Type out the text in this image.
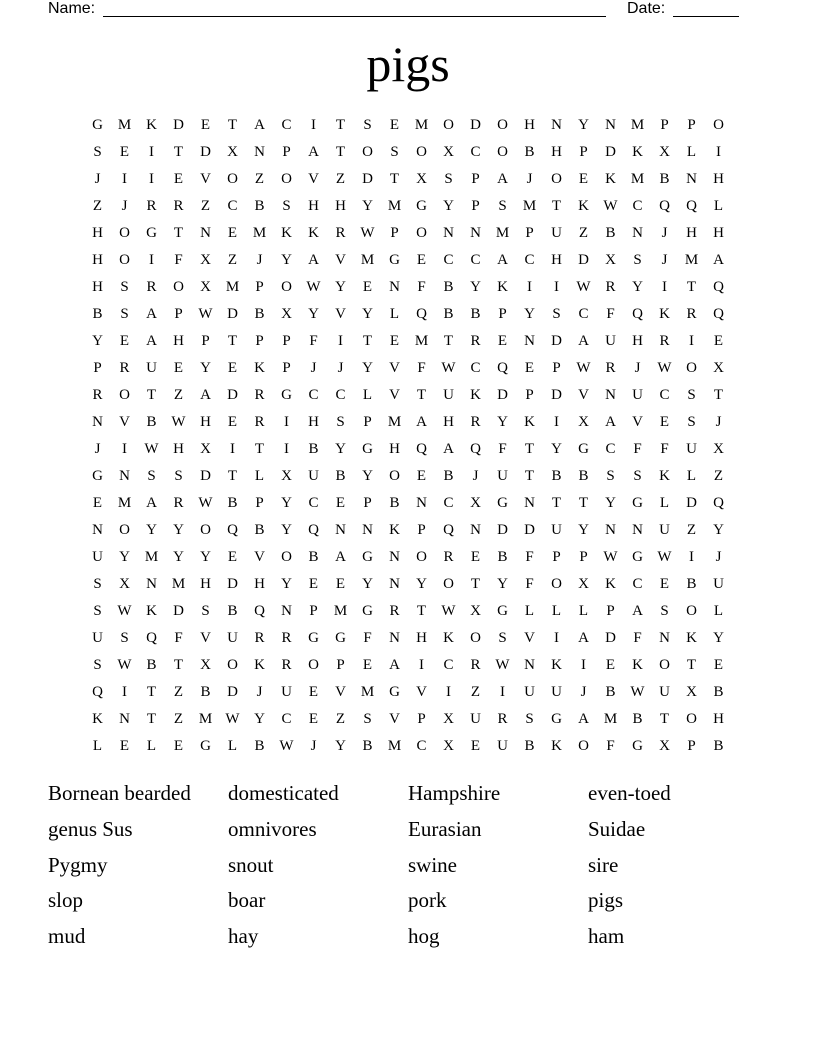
Name:	Date:
pigs
G M K	D	E	T	A	C	I	T	S	E	M O	D	O	H	N	Y	N M	P	P	O
S	E	I	T	D	X	N	P	A	T	O	S	O	X	C	O	B	H	P	D	K	X	L	I
J	I	I	E	V	O	Z	O	V	Z	D	T	X	S	P	A	J	O	E	K M	B	N	H
Z	J	R	R	Z	C	B	S	H	H	Y M G	Y	P	S	M	T	K W C	Q	Q	L
H	O	G	T	N	E	M K	K	R W	P	O	N	N M	P	U	Z	B	N	J	H	H
H	O	I	F	X	Z	J	Y	A	V M G	E	C	C	A	C	H	D	X	S	J	M A
H	S	R	O	X M	P	O W Y	E	N	F	B	Y	K	I	I	W R	Y	I	T	Q
B	S	A	P	W D	B	X	Y	V	Y	L	Q	B	B	P	Y	S	C	F	Q	K	R	Q
Y	E	A	H	P	T	P	P	F	I	T	E	M	T	R	E	N	D	A	U	H	R	I	E
P	R	U	E	Y	E	K	P	J	J	Y	V	F	W C	Q	E	P	W R	J	W O	X
R	O	T	Z	A	D	R	G	C	C	L	V	T	U	K	D	P	D	V	N	U	C	S	T
N	V	B W H	E	R	I	H	S	P	M A	H	R	Y	K	I	X	A	V	E	S	J
J	I	W H	X	I	T	I	B	Y	G	H	Q	A	Q	F	T	Y	G	C	F	F	U	X
G	N	S	S	D	T	L	X	U	B	Y	O	E	B	J	U	T	B	B	S	S	K	L	Z
E	M A	R W B	P	Y	C	E	P	B	N	C	X	G	N	T	T	Y	G	L	D	Q
N	O	Y	Y	O	Q	B	Y	Q	N	N	K	P	Q	N	D	D	U	Y	N	N	U	Z	Y
U	Y M Y	Y	E	V	O	B	A	G	N	O	R	E	B	F	P	P	W G W	I	J
S	X	N M H	D	H	Y	E	E	Y	N	Y	O	T	Y	F	O	X	K	C	E	B	U
S	W K	D	S	B	Q	N	P	M G	R	T	W X	G	L	L	L	P	A	S	O	L
U	S	Q	F	V	U	R	R	G	G	F	N	H	K	O	S	V	I	A	D	F	N	K	Y
S	W B	T	X	O	K	R	O	P	E	A	I	C	R W N	K	I	E	K	O	T	E
Q	I	T	Z	B	D	J	U	E	V M G	V	I	Z	I	U	U	J	B W U	X	B
K	N	T	Z	M W Y	C	E	Z	S	V	P	X	U	R	S	G	A M	B	T	O	H
L	E	L	E	G	L	B W	J	Y	B	M	C	X	E	U	B	K	O	F	G	X	P	B
Bornean bearded	domesticated	Hampshire	even-toed
genus Sus	omnivores	Eurasian	Suidae
Pygmy	snout	swine	sire
slop	boar	pork	pigs
mud	hay	hog	ham
